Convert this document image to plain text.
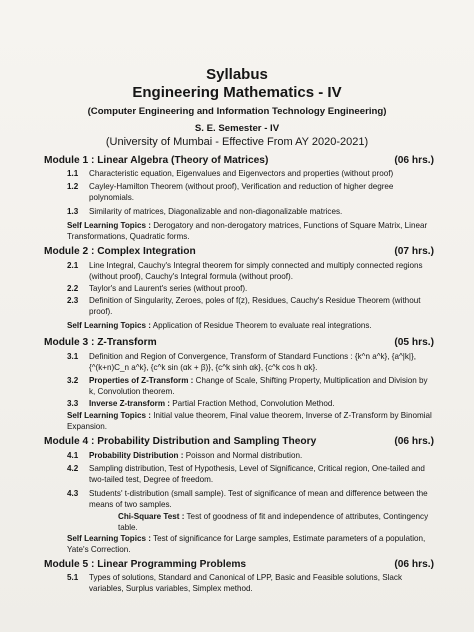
Syllabus
Engineering Mathematics - IV
(Computer Engineering and Information Technology Engineering)
S. E. Semester - IV
(University of Mumbai - Effective From AY 2020-2021)
Module 1 : Linear Algebra (Theory of Matrices)	(06 hrs.)
1.1 Characteristic equation, Eigenvalues and Eigenvectors and properties (without proof)
1.2 Cayley-Hamilton Theorem (without proof), Verification and reduction of higher degree polynomials.
1.3 Similarity of matrices, Diagonalizable and non-diagonalizable matrices.
Self Learning Topics : Derogatory and non-derogatory matrices, Functions of Square Matrix, Linear Transformations, Quadratic forms.
Module 2 : Complex Integration	(07 hrs.)
2.1 Line Integral, Cauchy's Integral theorem for simply connected and multiply connected regions (without proof), Cauchy's Integral formula (without proof).
2.2 Taylor's and Laurent's series (without proof).
2.3 Definition of Singularity, Zeroes, poles of f(z), Residues, Cauchy's Residue Theorem (without proof).
Self Learning Topics : Application of Residue Theorem to evaluate real integrations.
Module 3 : Z-Transform	(05 hrs.)
3.1 Definition and Region of Convergence, Transform of Standard Functions : {k^n a^k}, {a^|k|}, {^(k+n)C_n a^k}, {c^k sin (αk + β)}, {c^k sinh αk}, {c^k cos h αk}.
3.2 Properties of Z-Transform : Change of Scale, Shifting Property, Multiplication and Division by k, Convolution theorem.
3.3 Inverse Z-transform : Partial Fraction Method, Convolution Method.
Self Learning Topics : Initial value theorem, Final value theorem, Inverse of Z-Transform by Binomial Expansion.
Module 4 : Probability Distribution and Sampling Theory	(06 hrs.)
4.1 Probability Distribution : Poisson and Normal distribution.
4.2 Sampling distribution, Test of Hypothesis, Level of Significance, Critical region, One-tailed and two-tailed test, Degree of freedom.
4.3 Students' t-distribution (small sample). Test of significance of mean and difference between the means of two samples.
Chi-Square Test : Test of goodness of fit and independence of attributes, Contingency table.
Self Learning Topics : Test of significance for Large samples, Estimate parameters of a population, Yate's Correction.
Module 5 : Linear Programming Problems	(06 hrs.)
5.1 Types of solutions, Standard and Canonical of LPP, Basic and Feasible solutions, Slack variables, Surplus variables, Simplex method.
